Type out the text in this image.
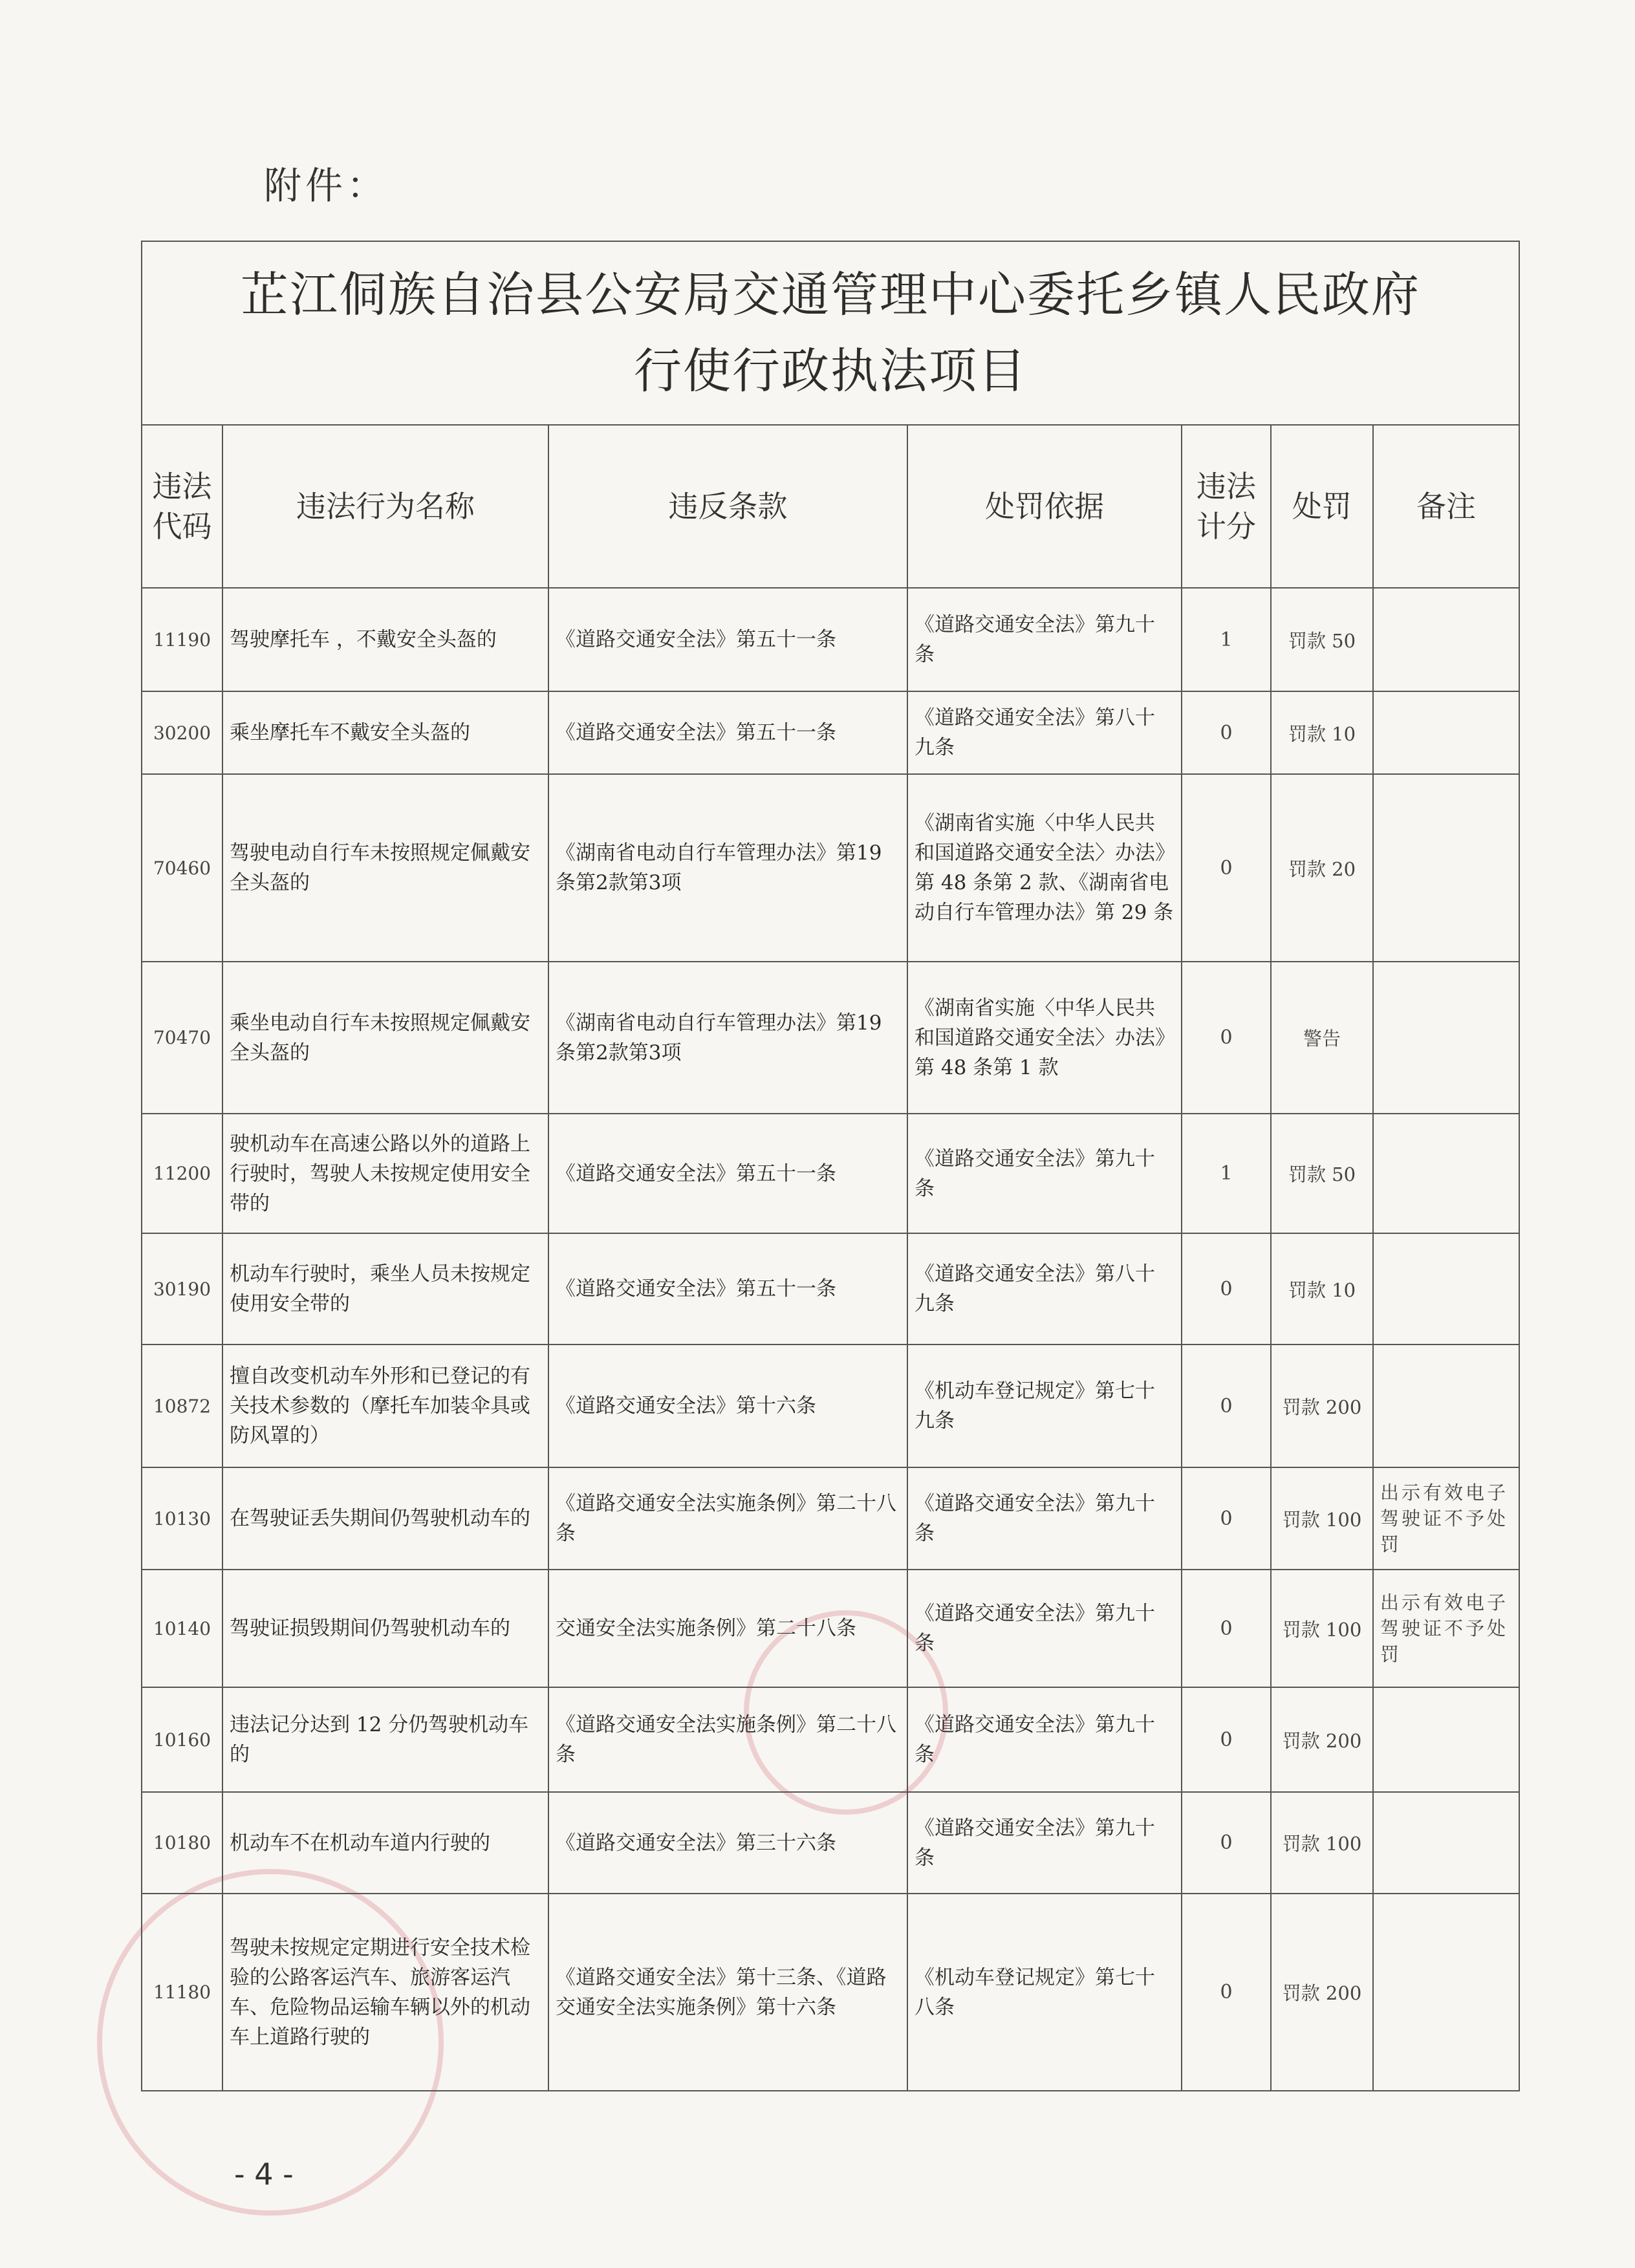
附件：
芷江侗族自治县公安局交通管理中心委托乡镇人民政府
行使行政执法项目						

违法代码	违法行为名称	违反条款	处罚依据	违法计分	处罚	备注
11190	驾驶摩托车 ，不戴安全头盔的	《道路交通安全法》第五十一条	《道路交通安全法》第九十条	1	罚款 50	
30200	乘坐摩托车不戴安全头盔的	《道路交通安全法》第五十一条	《道路交通安全法》第八十九条	0	罚款 10	
70460	驾驶电动自行车未按照规定佩戴安全头盔的	《湖南省电动自行车管理办法》第19条第2款第3项	《湖南省实施〈中华人民共和国道路交通安全法〉办法》第 48 条第 2 款、《湖南省电动自行车管理办法》第 29 条	0	罚款 20	
70470	乘坐电动自行车未按照规定佩戴安全头盔的	《湖南省电动自行车管理办法》第19条第2款第3项	《湖南省实施〈中华人民共和国道路交通安全法〉办法》第 48 条第 1 款	0	警告	
11200	驶机动车在高速公路以外的道路上行驶时，驾驶人未按规定使用安全带的	《道路交通安全法》第五十一条	《道路交通安全法》第九十条	1	罚款 50	
30190	机动车行驶时，乘坐人员未按规定使用安全带的	《道路交通安全法》第五十一条	《道路交通安全法》第八十九条	0	罚款 10	
10872	擅自改变机动车外形和已登记的有关技术参数的（摩托车加装伞具或防风罩的）	《道路交通安全法》第十六条	《机动车登记规定》第七十九条	0	罚款 200	
10130	在驾驶证丢失期间仍驾驶机动车的	《道路交通安全法实施条例》第二十八条	《道路交通安全法》第九十条	0	罚款 100	出示有效电子驾驶证不予处罚
10140	驾驶证损毁期间仍驾驶机动车的	交通安全法实施条例》第二十八条	《道路交通安全法》第九十条	0	罚款 100	出示有效电子驾驶证不予处罚
10160	违法记分达到 12 分仍驾驶机动车的	《道路交通安全法实施条例》第二十八条	《道路交通安全法》第九十条	0	罚款 200	
10180	机动车不在机动车道内行驶的	《道路交通安全法》第三十六条	《道路交通安全法》第九十条	0	罚款 100	
11180	驾驶未按规定定期进行安全技术检验的公路客运汽车、旅游客运汽车、危险物品运输车辆以外的机动车上道路行驶的	《道路交通安全法》第十三条、《道路交通安全法实施条例》第十六条	《机动车登记规定》第七十八条	0	罚款 200	
- 4 -
